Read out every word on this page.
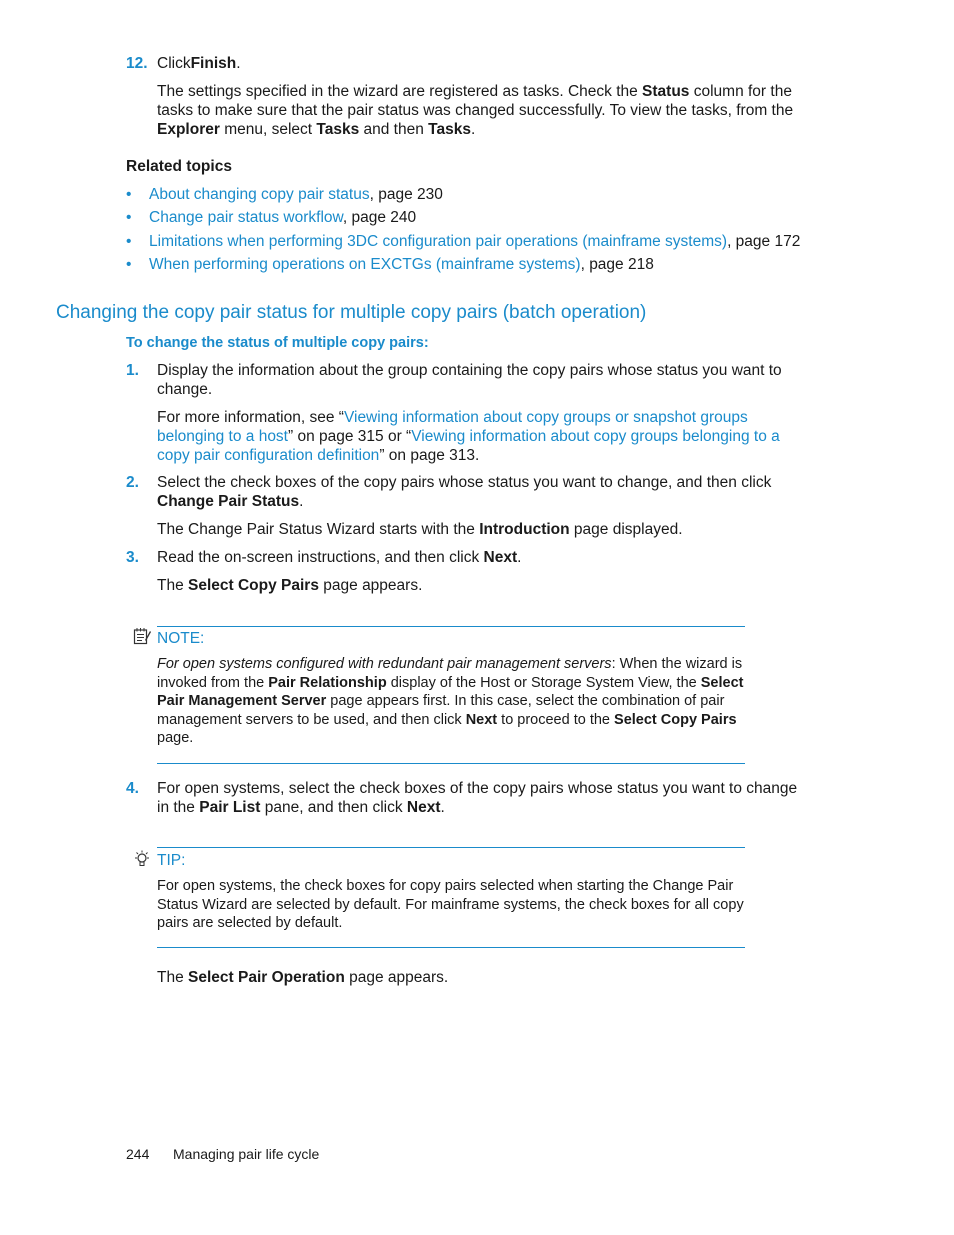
12. ClickFinish.
The settings specified in the wizard are registered as tasks. Check the Status column for the tasks to make sure that the pair status was changed successfully. To view the tasks, from the Explorer menu, select Tasks and then Tasks.
Related topics
• About changing copy pair status, page 230
• Change pair status workflow, page 240
• Limitations when performing 3DC configuration pair operations (mainframe systems), page 172
• When performing operations on EXCTGs (mainframe systems), page 218
Changing the copy pair status for multiple copy pairs (batch operation)
To change the status of multiple copy pairs:
1. Display the information about the group containing the copy pairs whose status you want to change.
For more information, see “Viewing information about copy groups or snapshot groups belonging to a host” on page 315 or “Viewing information about copy groups belonging to a copy pair configuration definition” on page 313.
2. Select the check boxes of the copy pairs whose status you want to change, and then click Change Pair Status.
The Change Pair Status Wizard starts with the Introduction page displayed.
3. Read the on-screen instructions, and then click Next.
The Select Copy Pairs page appears.
NOTE:
For open systems configured with redundant pair management servers: When the wizard is invoked from the Pair Relationship display of the Host or Storage System View, the Select Pair Management Server page appears first. In this case, select the combination of pair management servers to be used, and then click Next to proceed to the Select Copy Pairs page.
4. For open systems, select the check boxes of the copy pairs whose status you want to change in the Pair List pane, and then click Next.
TIP:
For open systems, the check boxes for copy pairs selected when starting the Change Pair Status Wizard are selected by default. For mainframe systems, the check boxes for all copy pairs are selected by default.
The Select Pair Operation page appears.
244 Managing pair life cycle
